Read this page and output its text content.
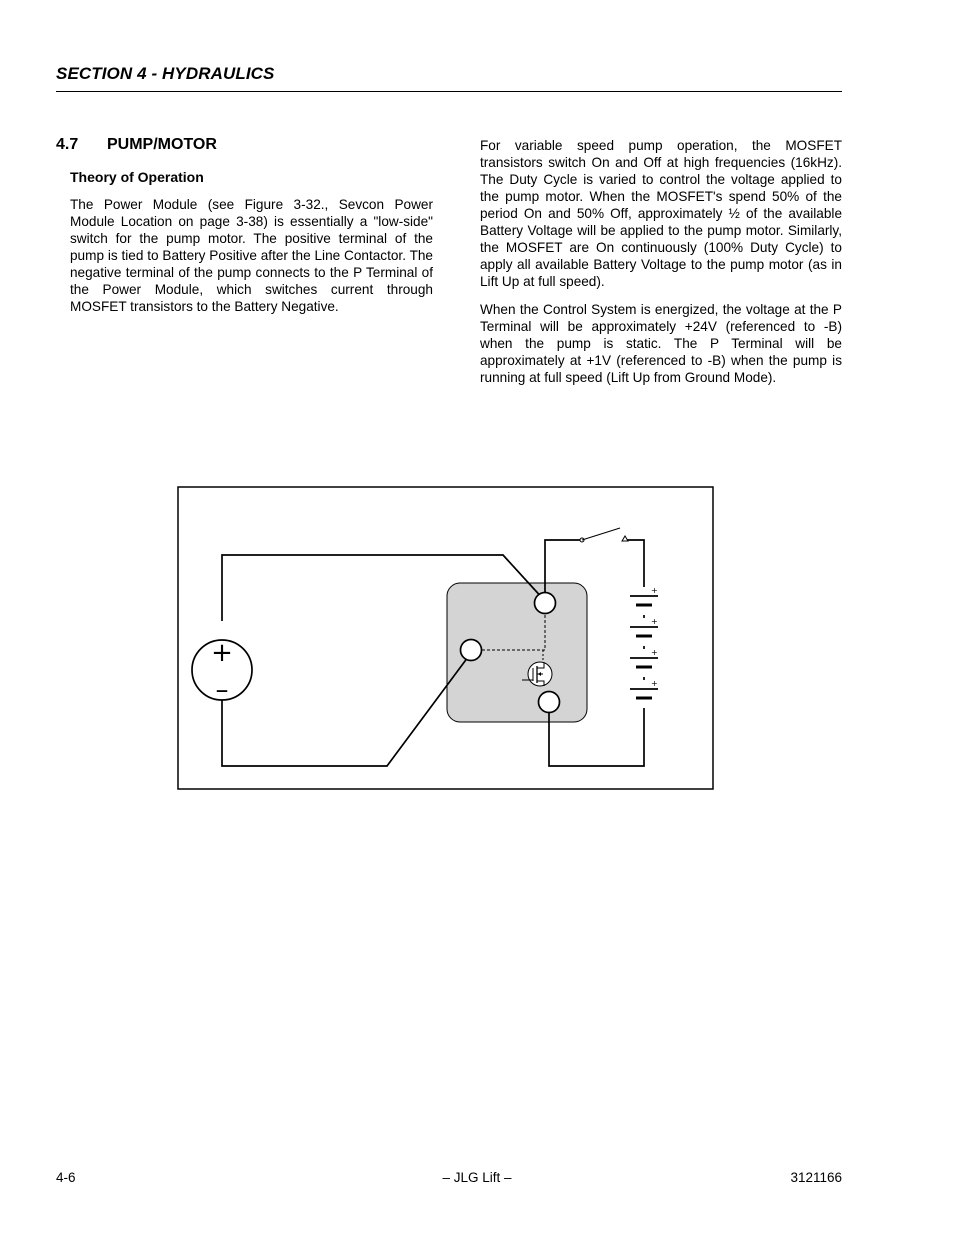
SECTION 4 - HYDRAULICS
4.7	PUMP/MOTOR
Theory of Operation

The Power Module (see Figure 3-32., Sevcon Power Module Location on page 3-38) is essentially a "low-side" switch for the pump motor. The positive terminal of the pump is tied to Battery Positive after the Line Contactor. The negative terminal of the pump connects to the P Terminal of the Power Module, which switches current through MOSFET transistors to the Battery Negative.

For variable speed pump operation, the MOSFET transistors switch On and Off at high frequencies (16kHz). The Duty Cycle is varied to control the voltage applied to the pump motor. When the MOSFET's spend 50% of the period On and 50% Off, approximately ½ of the available Battery Voltage will be applied to the pump motor. Similarly, the MOSFET are On continuously (100% Duty Cycle) to apply all available Battery Voltage to the pump motor (as in Lift Up at full speed).

When the Control System is energized, the voltage at the P Terminal will be approximately +24V (referenced to -B) when the pump is static. The P Terminal will be approximately at +1V (referenced to -B) when the pump is running at full speed (Lift Up from Ground Mode).

+
+
+
+
+
–
4-6	– JLG Lift –	3121166
